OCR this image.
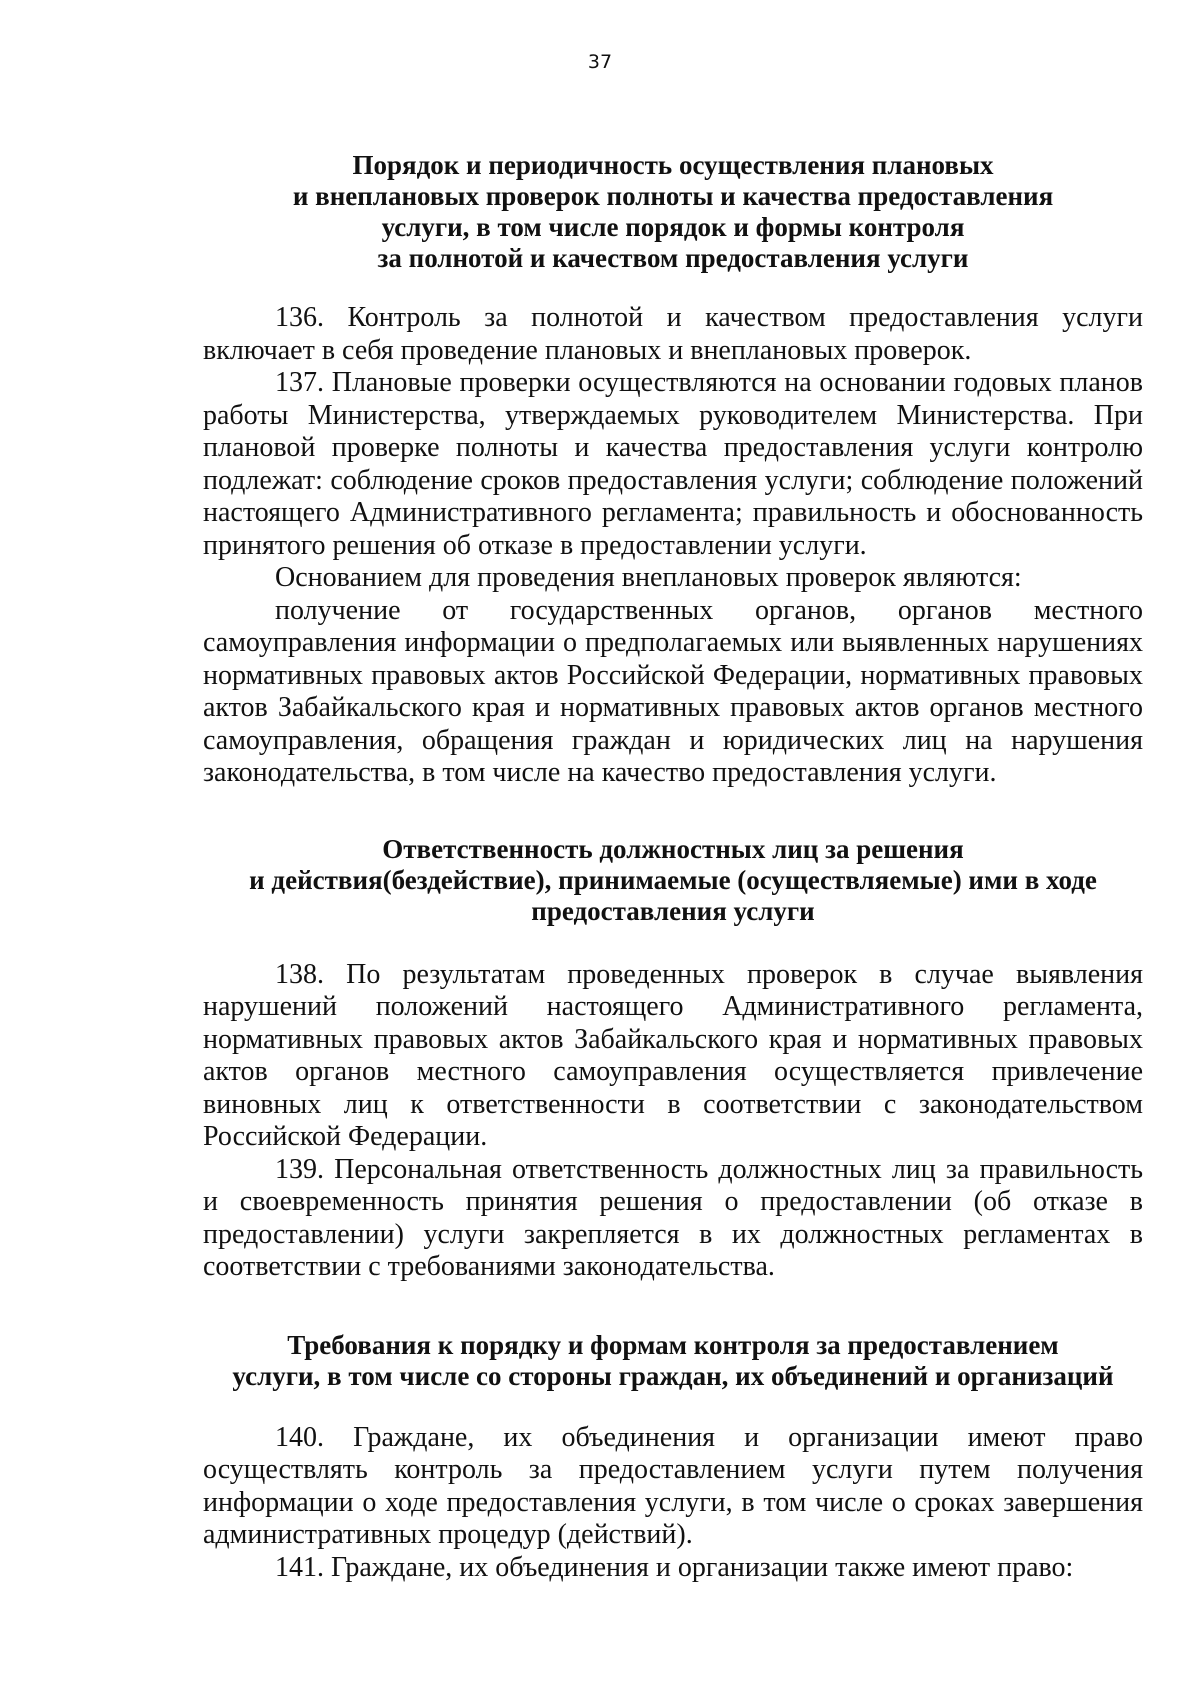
37
Порядок и периодичность осуществления плановых
и внеплановых проверок полноты и качества предоставления
услуги, в том числе порядок и формы контроля
за полнотой и качеством предоставления услуги

136. Контроль за полнотой и качеством предоставления услуги включает в себя проведение плановых и внеплановых проверок.

137. Плановые проверки осуществляются на основании годовых планов работы Министерства, утверждаемых руководителем Министерства. При плановой проверке полноты и качества предоставления услуги контролю подлежат: соблюдение сроков предоставления услуги; соблюдение положений настоящего Административного регламента; правильность и обоснованность принятого решения об отказе в предоставлении услуги.

Основанием для проведения внеплановых проверок являются:

получение от государственных органов, органов местного самоуправления информации о предполагаемых или выявленных нарушениях нормативных правовых актов Российской Федерации, нормативных правовых актов Забайкальского края и нормативных правовых актов органов местного самоуправления, обращения граждан и юридических лиц на нарушения законодательства, в том числе на качество предоставления услуги.

Ответственность должностных лиц за решения
и действия(бездействие), принимаемые (осуществляемые) ими в ходе
предоставления услуги

138. По результатам проведенных проверок в случае выявления нарушений положений настоящего Административного регламента, нормативных правовых актов Забайкальского края и нормативных правовых актов органов местного самоуправления осуществляется привлечение виновных лиц к ответственности в соответствии с законодательством Российской Федерации.

139. Персональная ответственность должностных лиц за правильность и своевременность принятия решения о предоставлении (об отказе в предоставлении) услуги закрепляется в их должностных регламентах в соответствии с требованиями законодательства.

Требования к порядку и формам контроля за предоставлением
услуги, в том числе со стороны граждан, их объединений и организаций

140. Граждане, их объединения и организации имеют право осуществлять контроль за предоставлением услуги путем получения информации о ходе предоставления услуги, в том числе о сроках завершения административных процедур (действий).

141. Граждане, их объединения и организации также имеют право:
